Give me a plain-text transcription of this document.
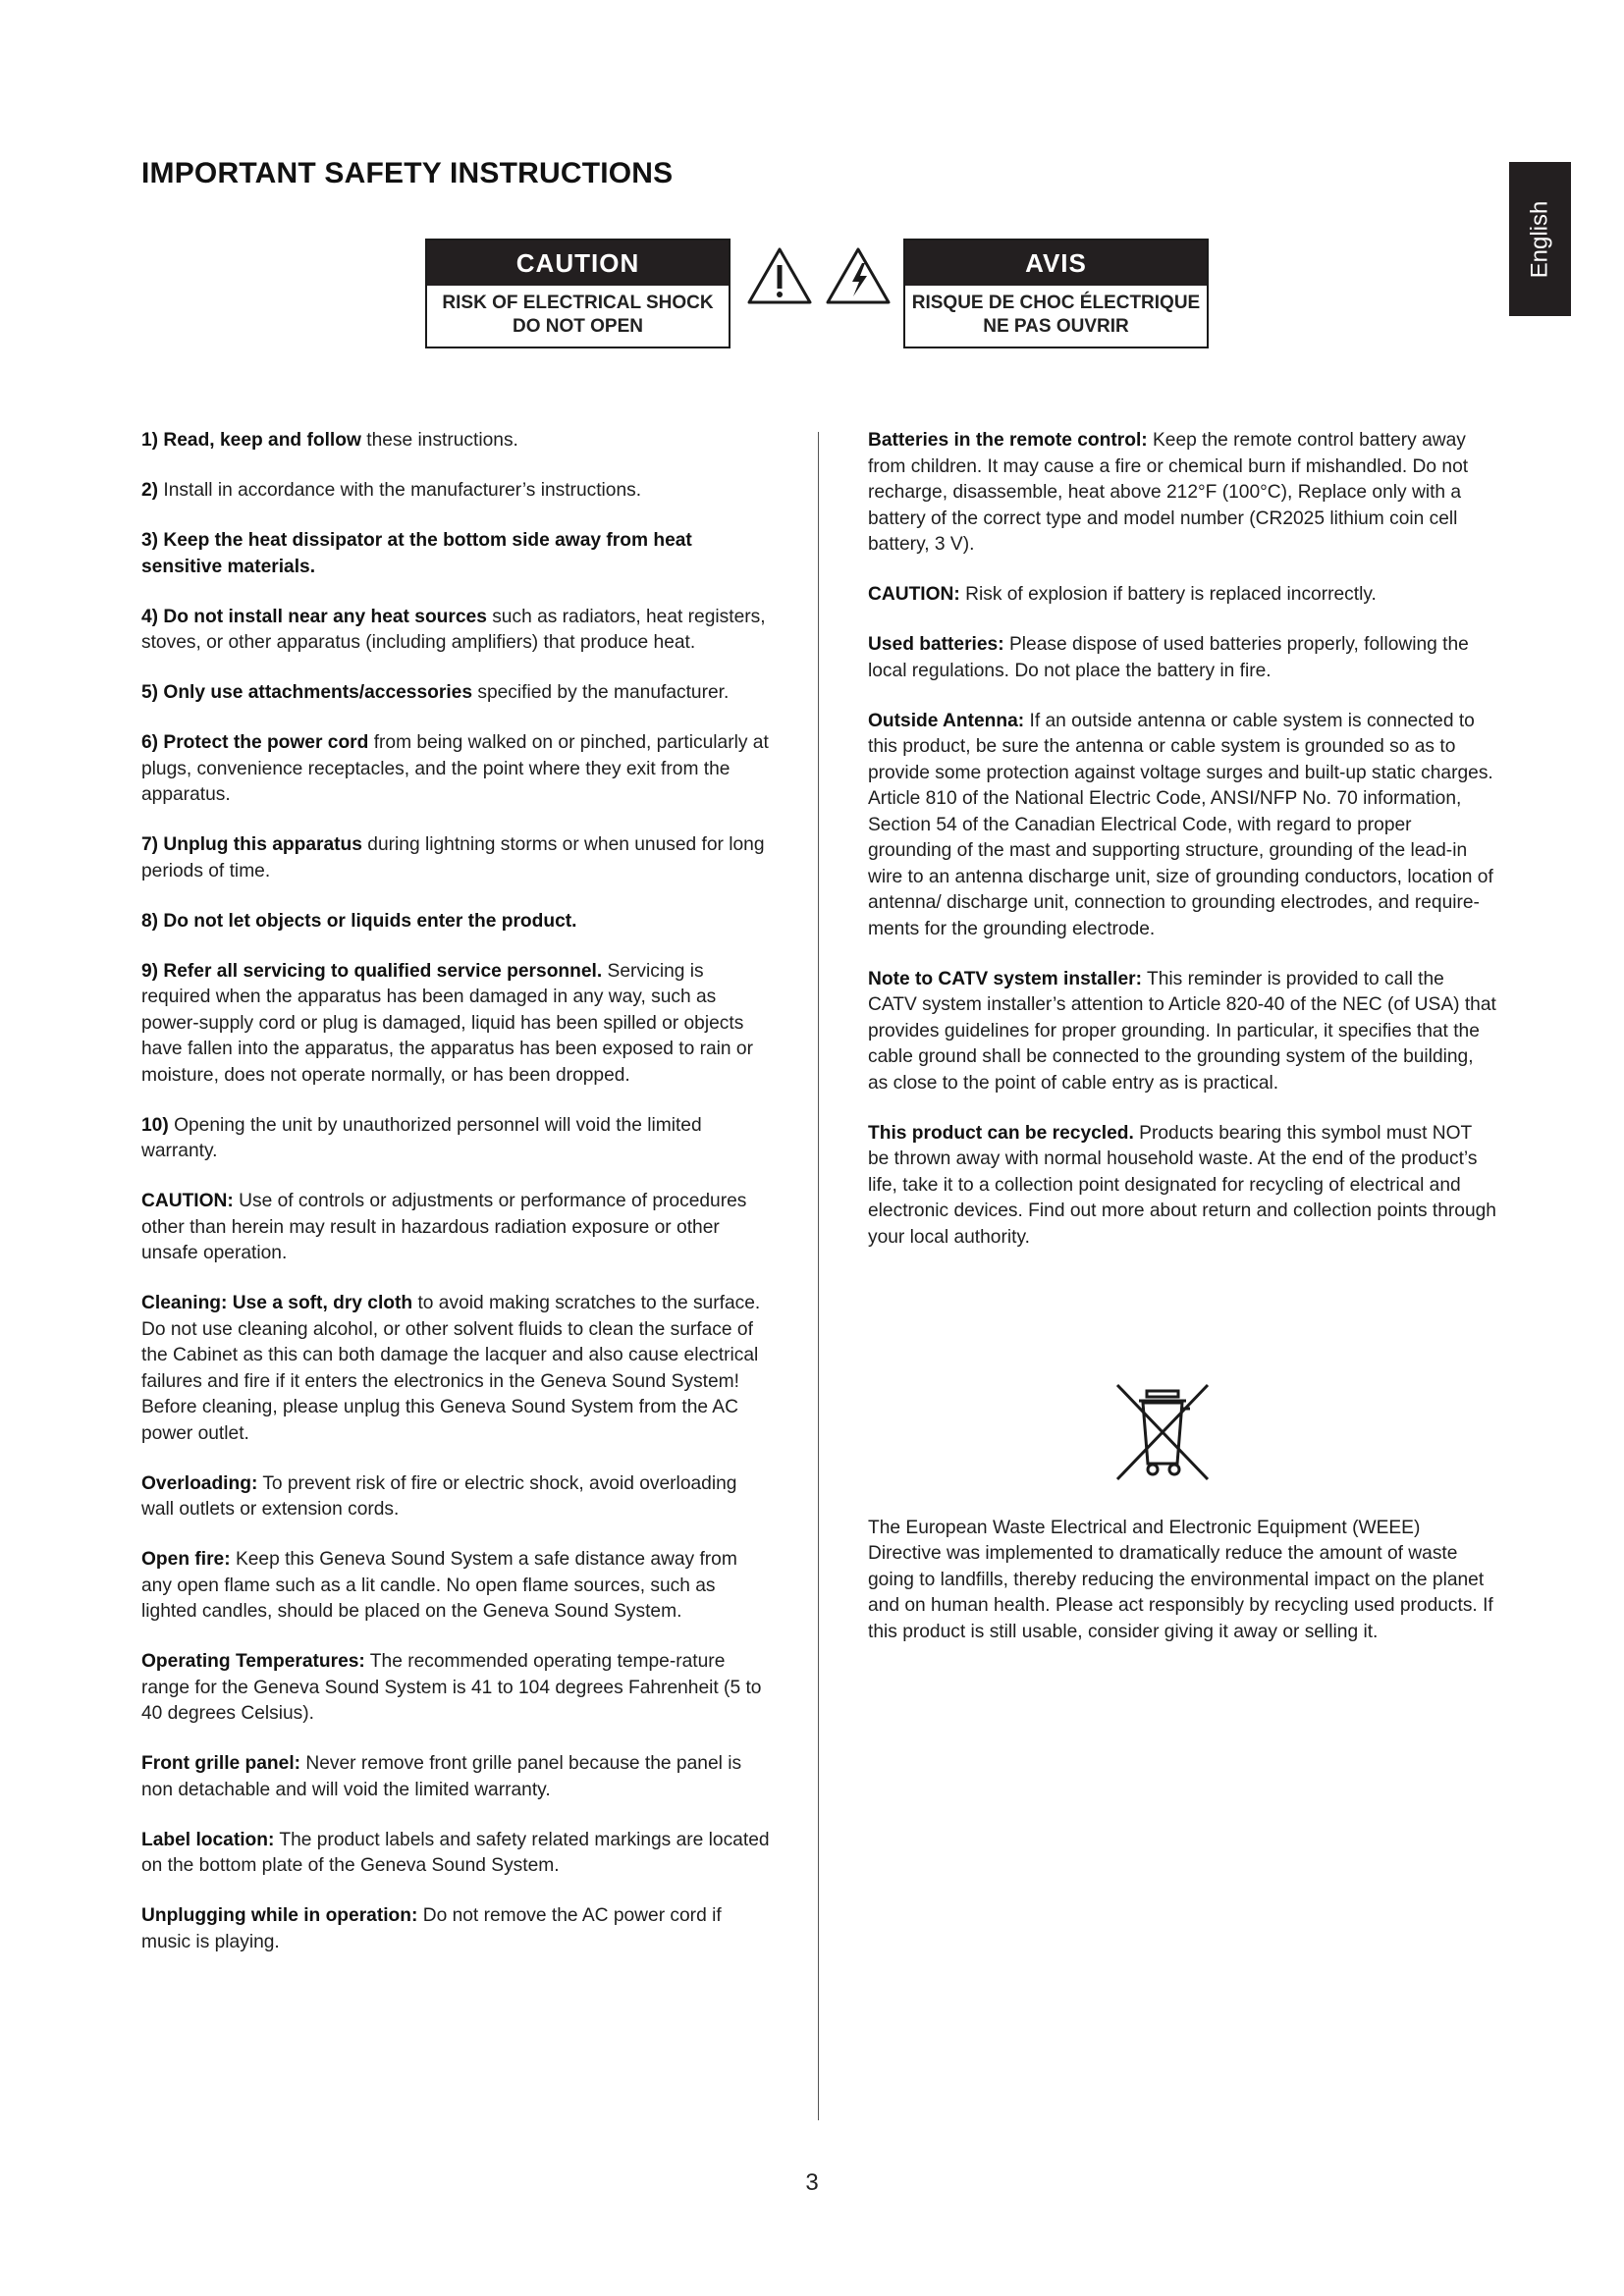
IMPORTANT SAFETY INSTRUCTIONS
English
CAUTION
RISK OF ELECTRICAL SHOCK
DO NOT OPEN
AVIS
RISQUE DE CHOC ÉLECTRIQUE
NE PAS OUVRIR

1) Read, keep and follow these instructions.

2) Install in accordance with the manufacturer’s instructions.

3) Keep the heat dissipator at the bottom side away from heat sensitive materials.

4) Do not install near any heat sources such as radiators, heat registers, stoves, or other apparatus (including amplifiers) that produce heat.

5) Only use attachments/accessories specified by the manufacturer.

6) Protect the power cord from being walked on or pinched, particularly at plugs, convenience receptacles, and the point where they exit from the apparatus.

7) Unplug this apparatus during lightning storms or when unused for long periods of time.

8) Do not let objects or liquids enter the product.

9) Refer all servicing to qualified service personnel. Servicing is required when the apparatus has been damaged in any way, such as power-supply cord or plug is damaged, liquid has been spilled or objects have fallen into the apparatus, the apparatus has been exposed to rain or moisture, does not operate normally, or has been dropped.

10) Opening the unit by unauthorized personnel will void the limited warranty.

CAUTION: Use of controls or adjustments or performance of procedures other than herein may result in hazardous radiation exposure or other unsafe operation.

Cleaning: Use a soft, dry cloth to avoid making scratches to the surface. Do not use cleaning alcohol, or other solvent fluids to clean the surface of the Cabinet as this can both damage the lacquer and also cause electrical failures and fire if it enters the electronics in the Geneva Sound System! Before cleaning, please unplug this Geneva Sound System from the AC power outlet.

Overloading: To prevent risk of fire or electric shock, avoid overloading wall outlets or extension cords.

Open fire: Keep this Geneva Sound System a safe distance away from any open flame such as a lit candle. No open flame sources, such as lighted candles, should be placed on the Geneva Sound System.

Operating Temperatures: The recommended operating tempe-rature range for the Geneva Sound System is 41 to 104 degrees Fahrenheit (5 to 40 degrees Celsius).

Front grille panel: Never remove front grille panel because the panel is non detachable and will void the limited warranty.

Label location: The product labels and safety related markings are located on the bottom plate of the Geneva Sound System.

Unplugging while in operation: Do not remove the AC power cord if music is playing.

Batteries in the remote control: Keep the remote control battery away from children. It may cause a fire or chemical burn if mishandled. Do not recharge, disassemble, heat above 212°F (100°C), Replace only with a battery of the correct type and model number (CR2025 lithium coin cell battery, 3 V).

CAUTION: Risk of explosion if battery is replaced incorrectly.

Used batteries: Please dispose of used batteries properly, following the local regulations. Do not place the battery in fire.

Outside Antenna: If an outside antenna or cable system is connected to this product, be sure the antenna or cable system is grounded so as to provide some protection against voltage surges and built-up static charges. Article 810 of the National Electric Code, ANSI/NFP No. 70 information, Section 54 of the Canadian Electrical Code, with regard to proper grounding of the mast and supporting structure, grounding of the lead-in wire to an antenna discharge unit, size of grounding conductors, location of antenna/ discharge unit, connection to grounding electrodes, and require-ments for the grounding electrode.

Note to CATV system installer: This reminder is provided to call the CATV system installer’s attention to Article 820-40 of the NEC (of USA) that provides guidelines for proper grounding. In particular, it specifies that the cable ground shall be connected to the grounding system of the building, as close to the point of cable entry as is practical.

This product can be recycled. Products bearing this symbol must NOT be thrown away with normal household waste. At the end of the product’s life, take it to a collection point designated for recycling of electrical and electronic devices. Find out more about return and collection points through your local authority.

The European Waste Electrical and Electronic Equipment (WEEE) Directive was implemented to dramatically reduce the amount of waste going to landfills, thereby reducing the environmental impact on the planet and on human health. Please act responsibly by recycling used products. If this product is still usable, consider giving it away or selling it.

3
